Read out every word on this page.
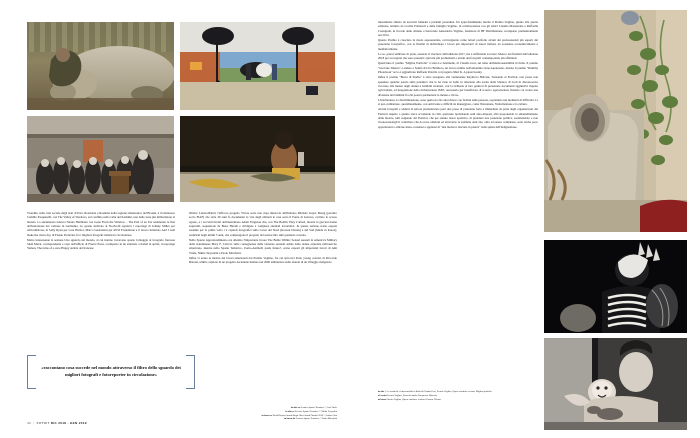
Vrondhe, sulla crisi sociale degli stati di Parà, Rondonia e Rosáima nella regione amazzonica del Brasile, è il talentuoso Camillo Pasquarelli, con The Valley of Shadows, sul conflitto nella valle del Kashmir, una delle zone più militarizzate al mondo. La studentessa tedesca Nanna Heitmann con Gone From the Window – The End of an Era testimonia la fine dell'estrazione del carbone in Germania. Lo spazio dedicato al No-Profit ospitava i reportage di Johnny Miller per AfricanDrone, di Sally Ryan per Care Harbor, Marco Gualazzini per AVSI Foundation e il lavoro intitolato And I well make the rivers dry, di Fausto Podavini, fra i migliori fotografi italiani in circolazione.

Molto interessante la sezione Uno sguardo sul mondo, al cui interno trovavano spazio l'omaggio al fotografo francese Shah Marai, corrispondente e capo dell'ufficio di France Press, scomparso in un attentato a Kabul in aprile; il reportage Yemen, The ruins of a once Happy Arabia del francese

Olivier Laban-Mattei; l'efficace progetto Vivere sotto una cupa minaccia dell'italiano Michele Guyot Bourg (peraltro socio FIAF) che oltre 30 anni fa documentò la vita degli abitanti le case sotto il Ponte di Genova, crollato lo scorso agosto, e i toccanti ritratti dell'australiano Adam Ferguson che, con The Bombs They Carried, mostra le giovani donne superstiti, sequestrate da Boko Haram e obbligate a compiere attentati terroristici. In questa sezione erano esposti assieme per la prima volta i 2 capitoli fotografici sulla Corea del Nord (Korean Dream) e del Sud (Made in Korea), realizzati negli ultimi 3 anni, che compongono il progetto del sottoscritto sulla penisola coreana.

Nello Spazio Approfondimento era allestito l'importante lavoro The Battle Within: Sexual Assault in America's Military della statunitense Mary F. Calvert, sulle conseguenze delle violenze sessuali subite dalle donne arruolate nell'esercito americano, mentre nello Spazio Tematico, Uomo-Animali: quale futuro?, erano esposti gli importanti lavori di Ami Vitale, Nikita Teryoshin e Paolo Marchetti.

Infine vi erano le mostre dei lavori selezionati dal Premio Voglino, fra cui spiccava Perù, young coexist, di Riccardo Bononi, ultimo capitolo di un progetto decennale iniziato nel 2006 ambientato sullo sfondo di un villaggio malgascio

«raccontano cosa succede nel mondo attraverso il filtro dello sguardo dei migliori fotografi e fotoreporter in circolazione»
in alto sx Sezione Spazio Tematico © Ami Vitale
in alto sx Sezione Spazio Tematico © Nikita Teryoshin
in basso sx World Report Award/Single Shot Award Finalist 2018 © Andrea Alai
in basso dx Sezione Spazio Tematico © Paolo Marchetti
44 | FOTOIT DIC 2018 - GEN 2019

interamente abitato da esorcisti lamuani e pazienti possedute. Un approfondimento merita il Premio Voglino, giunto alla quarta edizione, istituito da Cecilia Pratizzoli e dalla famiglia Voglino, in collaborazione con gli amici Claudio Massarente e Raffaella Castagnoli, in ricordo dello stimato e benvoluto Alessandro Voglino, fondatore di HF Distribuzione, scomparso prematuramente nel 2014.

Questo Premio è cresciuto in modo esponenziale, coinvolgendo come lettori portfolio alcuni dei professionisti più esperti del panorama fotografico, con la finalità di individuare i lavori più importanti di autori italiani, da sostenere economicamente e mediaticamente.

Lo so, potrei sembrare di parte, essendo il vincitore dell'edizione 2017, ma è sufficiente scorrere l'elenco dei finalisti dell'edizione 2018 per accorgersi che sono presenti i giovani più promettenti e alcuni dei fotografi contemporanei più affermati.

Quest'anno il premio "Miglior Portfolio" è stato Le Sentinelle, di Claudia Gori, sul tema dell'elettrosensibilità in Italia. Il premio "Giovane Talento" è andato a Sanità di Ciro Battiloro, un lavoro intimo sull'omonimo rione napoletano, mentre il premio "Dummy Photobook" se lo è aggiudicato Raffaele Petralla col progetto Mari K. A japan beauty.

Infine il premio "Borsa di Studio" è stato assegnato alla ventunenne Kaymova Hulcain. Tornando al Festival, non posso non spendere qualche parola sulla polemica che lo ha visto in ballo in relazione alla scelta della Sindaca di Lodi di disconoscere l'accesso alla mensa degli alunni e bambini stranieri, con la richiesta ai loro genitori di presentare documenti aggiuntivi rispetto agli italiani, ad integrazione della dichiarazione ISEE, necessaria per beneficiare di sconti e agevolazioni, finendo col creare una divisione dei bambini fra chi poteva permettersi la mensa e chi no.

L'intolleranza, la discriminazione, sono qualcosa che attecchisce con facilità sulle persone, soprattutto nei momenti di difficoltà. Li si può combattere, quotidianamente, con armi lente e difficili da maneggiare, come l'istruzione, l'informazione e la cultura.

Alcuni fotografi e addetti al settore pretendevano però una presa di posizione forte e immediata da parte degli organizzatori del Festival rispetto a quanto stava accadendo in città, qualcuno ipotizzando esili auto-imposti, altri proponendo lo smantellamento delle mostre, tutti esigendo dal Festival, che per statuto nasce apolitico, di prendere una posizione politica, sostenendolo e non riconoscendogli il contributo che da nove edizioni ed attraverso le suddette anni che, oltre ad essere complesse, sono anche poco appariscenti e attirano meno consensi e applausi di "una molotov lanciata in piazza" sulla spinta dell'indignazione.

in alto † Le sentinelle elettrosensibili in Italia di Claudia Gori, Premio Voglino, Opera vincitrice sezione Miglior portfolio
al centro Premio Voglino, Borsa di studio: Karymova Hulscaia
in basso Premio Voglino, Opera vincitrice sezione Giovane Talento
